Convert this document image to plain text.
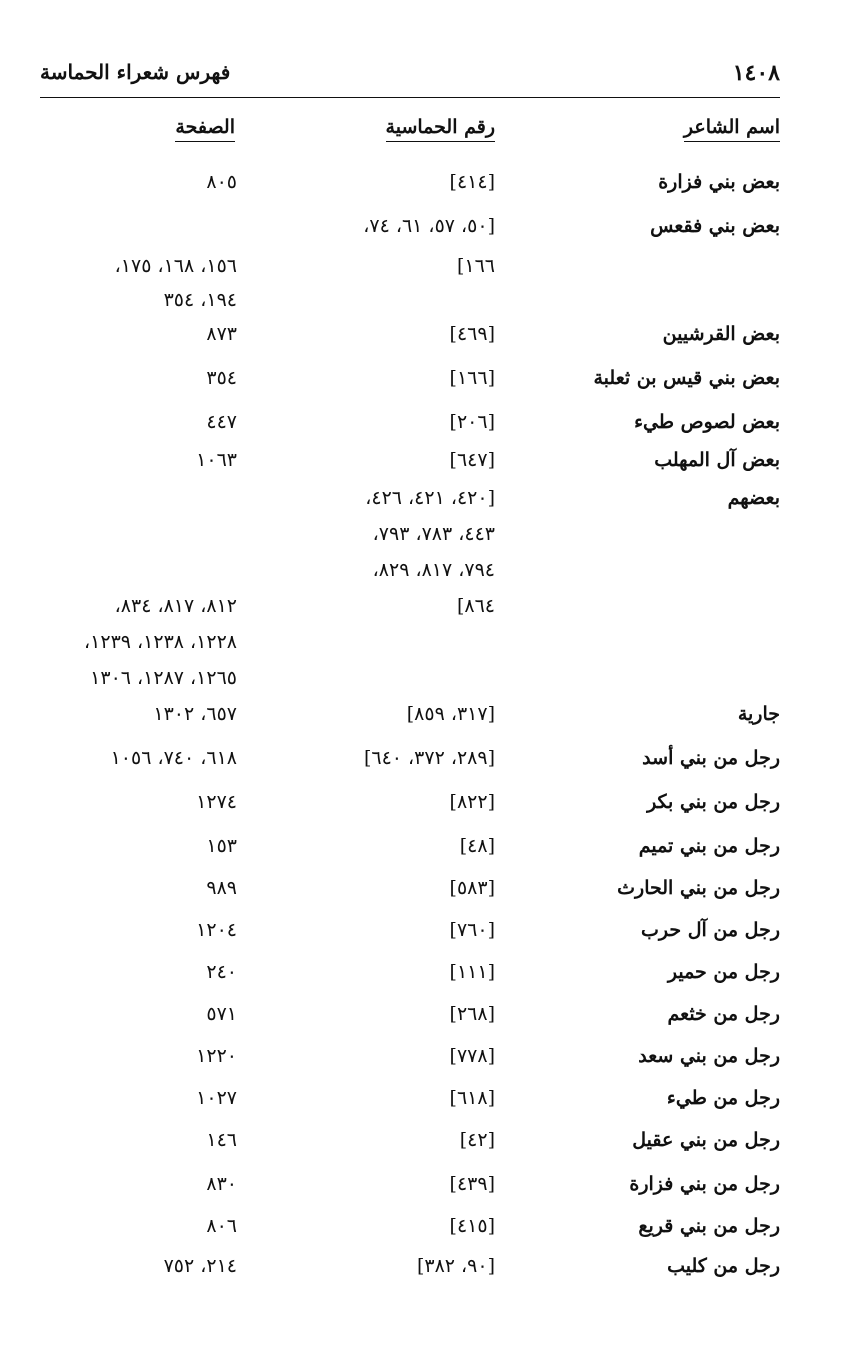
١٤٠٨
فهرس شعراء الحماسة
اسم الشاعر
رقم الحماسية
الصفحة
بعض بني فزارة
[٤١٤]
٨٠٥
بعض بني فقعس
[٥٠، ٥٧، ٦١، ٧٤،
١٦٦]
١٥٦، ١٦٨، ١٧٥،
١٩٤، ٣٥٤
بعض القرشيين
[٤٦٩]
٨٧٣
بعض بني قيس بن ثعلبة
[١٦٦]
٣٥٤
بعض لصوص طيء
[٢٠٦]
٤٤٧
بعض آل المهلب
[٦٤٧]
١٠٦٣
بعضهم
[٤٢٠، ٤٢١، ٤٢٦،
٤٤٣، ٧٨٣، ٧٩٣،
٧٩٤، ٨١٧، ٨٢٩،
٨٦٤]
٨١٢، ٨١٧، ٨٣٤،
١٢٢٨، ١٢٣٨، ١٢٣٩،
١٢٦٥، ١٢٨٧، ١٣٠٦
جارية
[٣١٧، ٨٥٩]
٦٥٧، ١٣٠٢
رجل من بني أسد
[٢٨٩، ٣٧٢، ٦٤٠]
٦١٨، ٧٤٠، ١٠٥٦
رجل من بني بكر
[٨٢٢]
١٢٧٤
رجل من بني تميم
[٤٨]
١٥٣
رجل من بني الحارث
[٥٨٣]
٩٨٩
رجل من آل حرب
[٧٦٠]
١٢٠٤
رجل من حمير
[١١١]
٢٤٠
رجل من خثعم
[٢٦٨]
٥٧١
رجل من بني سعد
[٧٧٨]
١٢٢٠
رجل من طيء
[٦١٨]
١٠٢٧
رجل من بني عقيل
[٤٢]
١٤٦
رجل من بني فزارة
[٤٣٩]
٨٣٠
رجل من بني قريع
[٤١٥]
٨٠٦
رجل من كليب
[٩٠، ٣٨٢]
٢١٤، ٧٥٢
